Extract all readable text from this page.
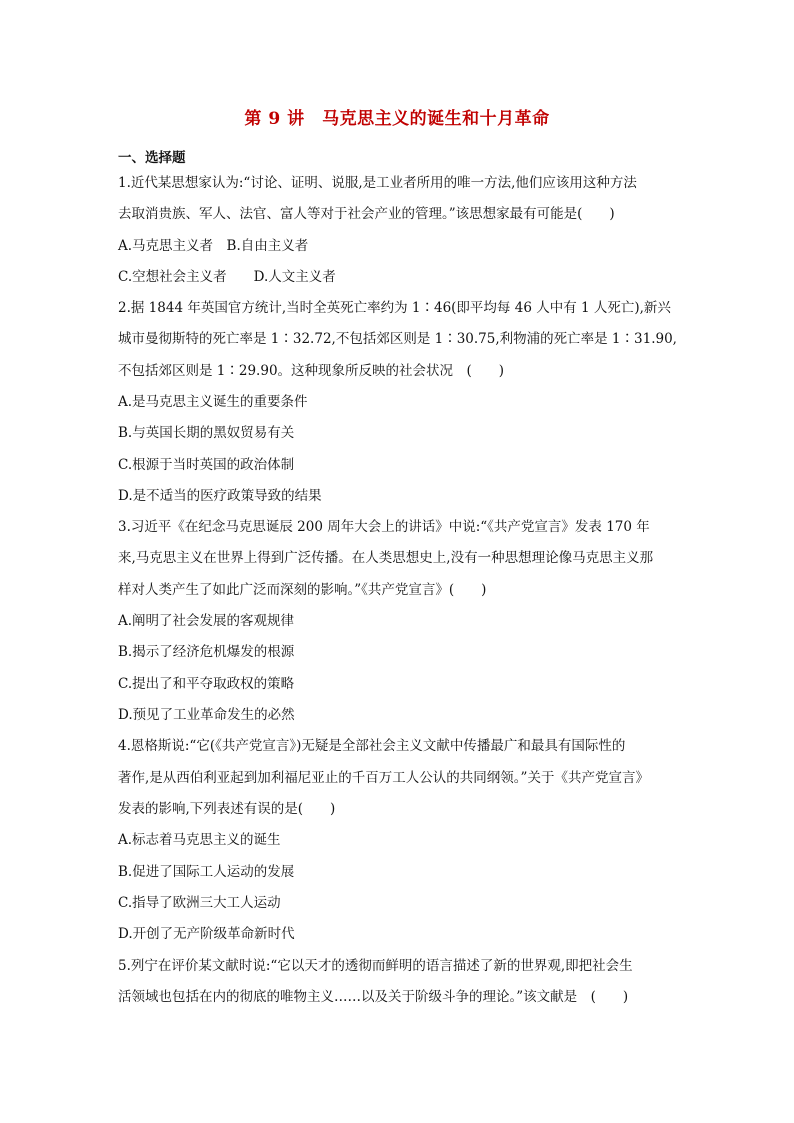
第 9 讲　马克思主义的诞生和十月革命
一、选择题
1.近代某思想家认为:“讨论、证明、说服,是工业者所用的唯一方法,他们应该用这种方法
去取消贵族、军人、法官、富人等对于社会产业的管理。”该思想家最有可能是(　　)
A.马克思主义者　B.自由主义者
C.空想社会主义者　　D.人文主义者
2.据 1844 年英国官方统计,当时全英死亡率约为 1∶46(即平均每 46 人中有 1 人死亡),新兴
城市曼彻斯特的死亡率是 1∶32.72,不包括郊区则是 1∶30.75,利物浦的死亡率是 1∶31.90,
不包括郊区则是 1∶29.90。这种现象所反映的社会状况　(　　)
A.是马克思主义诞生的重要条件
B.与英国长期的黑奴贸易有关
C.根源于当时英国的政治体制
D.是不适当的医疗政策导致的结果
3.习近平《在纪念马克思诞辰 200 周年大会上的讲话》中说:“《共产党宣言》发表 170 年
来,马克思主义在世界上得到广泛传播。在人类思想史上,没有一种思想理论像马克思主义那
样对人类产生了如此广泛而深刻的影响。”《共产党宣言》(　　)
A.阐明了社会发展的客观规律
B.揭示了经济危机爆发的根源
C.提出了和平夺取政权的策略
D.预见了工业革命发生的必然
4.恩格斯说:“它(《共产党宣言》)无疑是全部社会主义文献中传播最广和最具有国际性的
著作,是从西伯利亚起到加利福尼亚止的千百万工人公认的共同纲领。”关于《共产党宣言》
发表的影响,下列表述有误的是(　　)
A.标志着马克思主义的诞生
B.促进了国际工人运动的发展
C.指导了欧洲三大工人运动
D.开创了无产阶级革命新时代
5.列宁在评价某文献时说:“它以天才的透彻而鲜明的语言描述了新的世界观,即把社会生
活领域也包括在内的彻底的唯物主义……以及关于阶级斗争的理论。”该文献是　(　　)
